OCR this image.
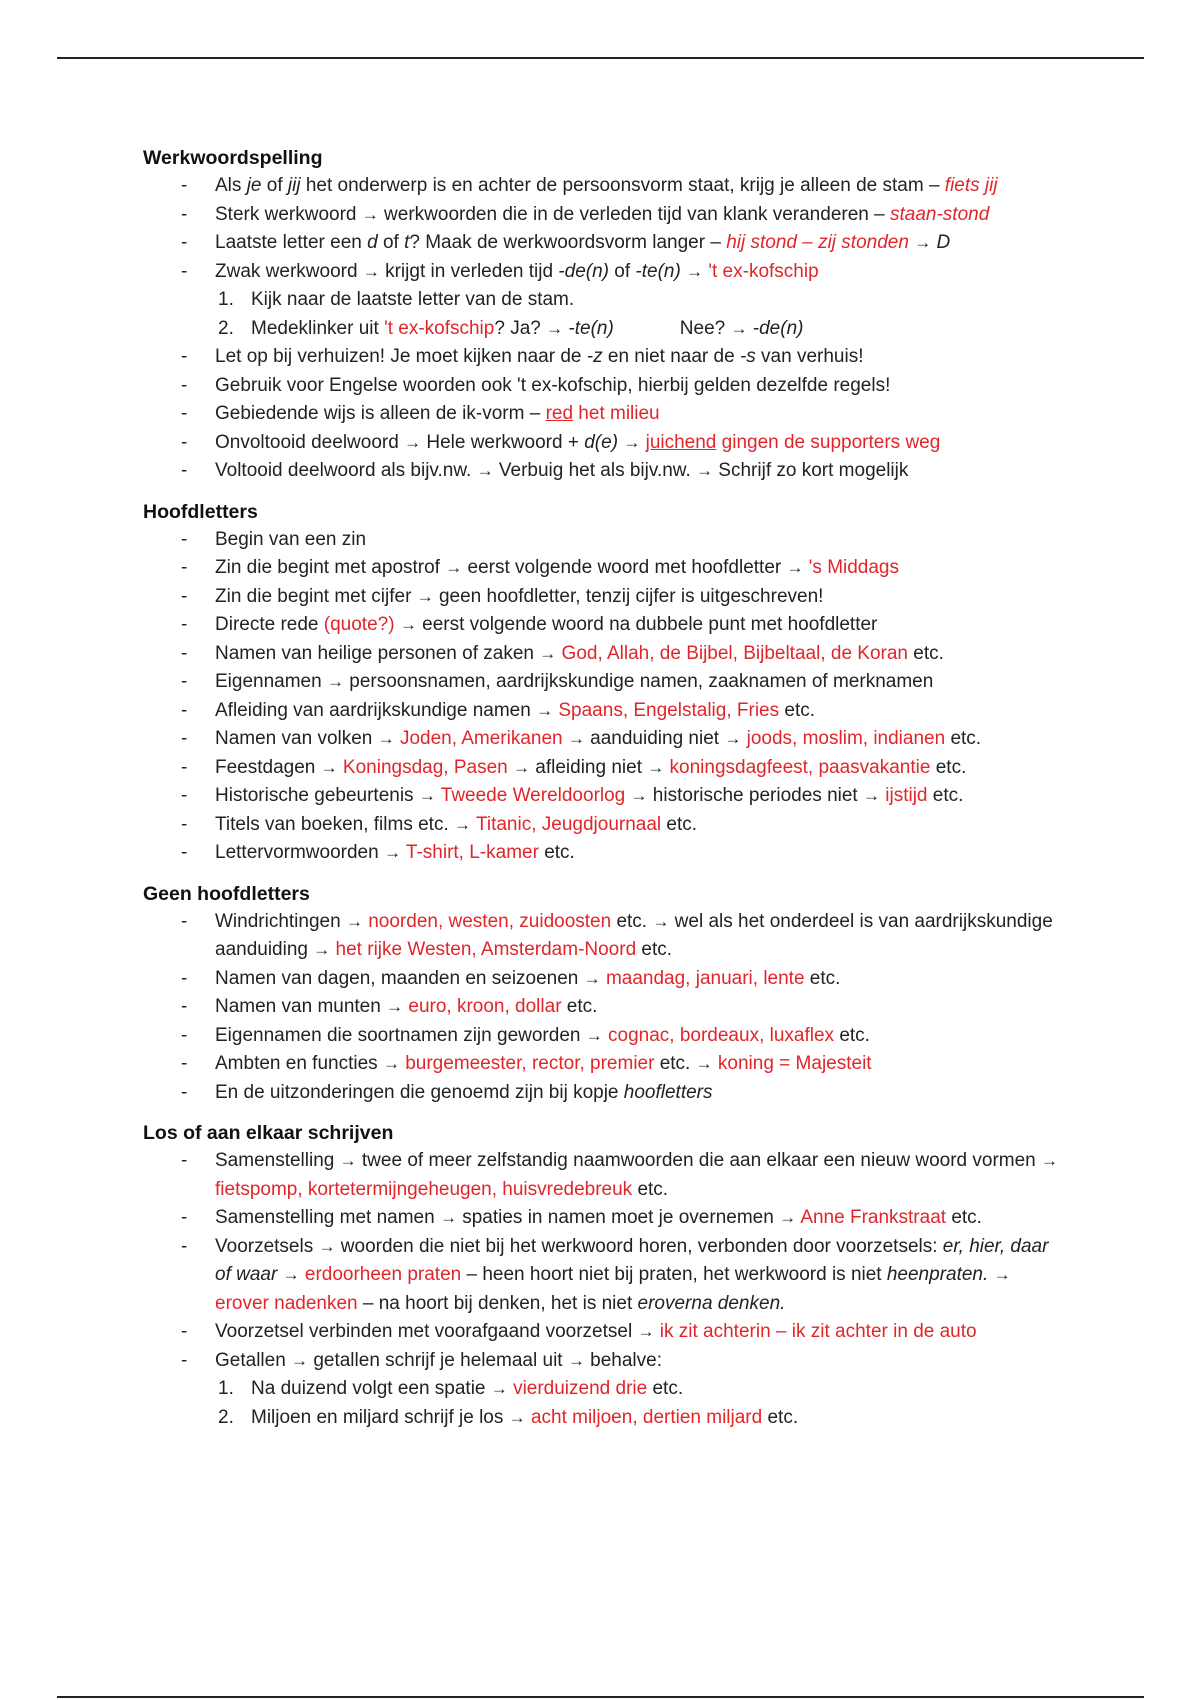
Werkwoordspelling
- Als je of jij het onderwerp is en achter de persoonsvorm staat, krijg je alleen de stam – fiets jij
- Sterk werkwoord → werkwoorden die in de verleden tijd van klank veranderen – staan-stond
- Laatste letter een d of t? Maak de werkwoordsvorm langer – hij stond – zij stonden → D
- Zwak werkwoord → krijgt in verleden tijd -de(n) of -te(n) → 't ex-kofschip
1. Kijk naar de laatste letter van de stam.
2. Medeklinker uit 't ex-kofschip? Ja? → -te(n)	Nee? → -de(n)
- Let op bij verhuizen! Je moet kijken naar de -z en niet naar de -s van verhuis!
- Gebruik voor Engelse woorden ook 't ex-kofschip, hierbij gelden dezelfde regels!
- Gebiedende wijs is alleen de ik-vorm – red het milieu
- Onvoltooid deelwoord → Hele werkwoord + d(e) → juichend gingen de supporters weg
- Voltooid deelwoord als bijv.nw. → Verbuig het als bijv.nw. → Schrijf zo kort mogelijk
Hoofdletters
- Begin van een zin
- Zin die begint met apostrof → eerst volgende woord met hoofdletter → 's Middags
- Zin die begint met cijfer → geen hoofdletter, tenzij cijfer is uitgeschreven!
- Directe rede (quote?) → eerst volgende woord na dubbele punt met hoofdletter
- Namen van heilige personen of zaken → God, Allah, de Bijbel, Bijbeltaal, de Koran etc.
- Eigennamen → persoonsnamen, aardrijkskundige namen, zaaknamen of merknamen
- Afleiding van aardrijkskundige namen → Spaans, Engelstalig, Fries etc.
- Namen van volken → Joden, Amerikanen → aanduiding niet → joods, moslim, indianen etc.
- Feestdagen → Koningsdag, Pasen → afleiding niet → koningsdagfeest, paasvakantie etc.
- Historische gebeurtenis → Tweede Wereldoorlog → historische periodes niet → ijstijd etc.
- Titels van boeken, films etc. → Titanic, Jeugdjournaal etc.
- Lettervormwoorden → T-shirt, L-kamer etc.
Geen hoofdletters
- Windrichtingen → noorden, westen, zuidoosten etc. → wel als het onderdeel is van aardrijkskundige aanduiding → het rijke Westen, Amsterdam-Noord etc.
- Namen van dagen, maanden en seizoenen → maandag, januari, lente etc.
- Namen van munten → euro, kroon, dollar etc.
- Eigennamen die soortnamen zijn geworden → cognac, bordeaux, luxaflex etc.
- Ambten en functies → burgemeester, rector, premier etc. → koning = Majesteit
- En de uitzonderingen die genoemd zijn bij kopje hoofletters
Los of aan elkaar schrijven
- Samenstelling → twee of meer zelfstandig naamwoorden die aan elkaar een nieuw woord vormen → fietspomp, kortetermijngeheugen, huisvredebreuk etc.
- Samenstelling met namen → spaties in namen moet je overnemen → Anne Frankstraat etc.
- Voorzetsels → woorden die niet bij het werkwoord horen, verbonden door voorzetsels: er, hier, daar of waar → erdoorheen praten – heen hoort niet bij praten, het werkwoord is niet heenpraten. → erover nadenken – na hoort bij denken, het is niet eroverna denken.
- Voorzetsel verbinden met voorafgaand voorzetsel → ik zit achterin – ik zit achter in de auto
- Getallen → getallen schrijf je helemaal uit → behalve:
1. Na duizend volgt een spatie → vierduizend drie etc.
2. Miljoen en miljard schrijf je los → acht miljoen, dertien miljard etc.
